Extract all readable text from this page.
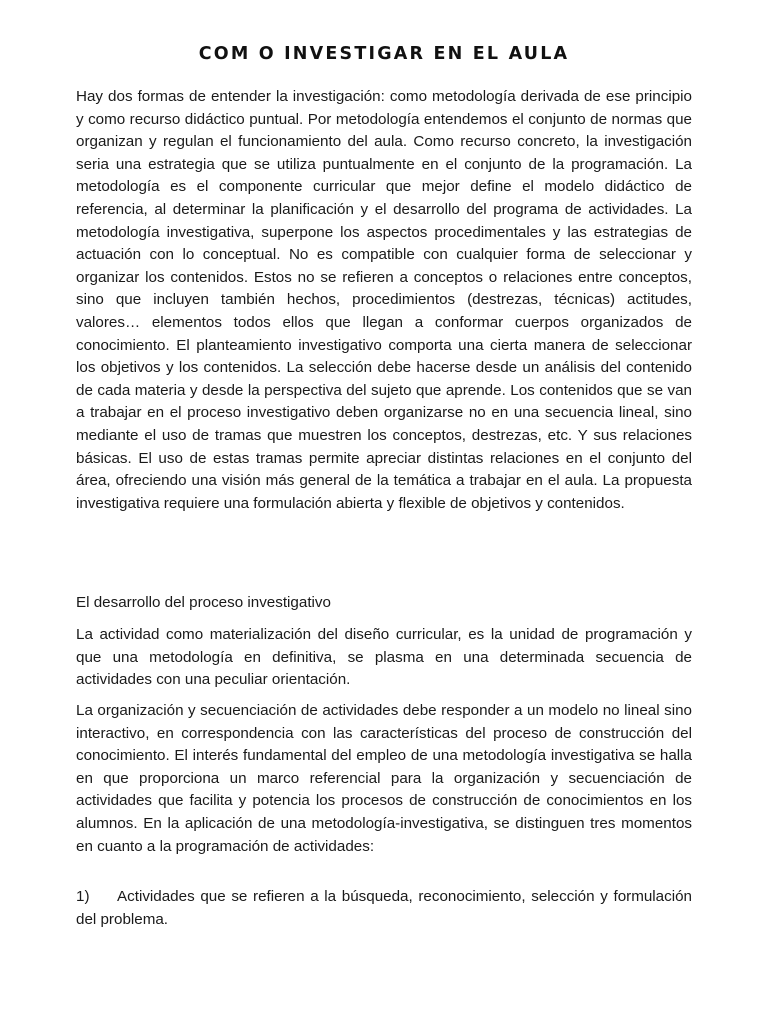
COM O INVESTIGAR EN EL AULA

Hay dos formas de entender la investigación: como metodología derivada de ese principio y como recurso didáctico puntual. Por metodología entendemos el conjunto de normas que organizan y regulan el funcionamiento del aula. Como recurso concreto, la investigación seria una estrategia que se utiliza puntualmente en el conjunto de la programación. La metodología es el componente curricular que mejor define el modelo didáctico de referencia, al determinar la planificación y el desarrollo del programa de actividades. La metodología investigativa, superpone los aspectos procedimentales y las estrategias de actuación con lo conceptual. No es compatible con cualquier forma de seleccionar y organizar los contenidos. Estos no se refieren a conceptos o relaciones entre conceptos, sino que incluyen también hechos, procedimientos (destrezas, técnicas) actitudes, valores… elementos todos ellos que llegan a conformar cuerpos organizados de conocimiento. El planteamiento investigativo comporta una cierta manera de seleccionar los objetivos y los contenidos. La selección debe hacerse desde un análisis del contenido de cada materia y desde la perspectiva del sujeto que aprende. Los contenidos que se van a trabajar en el proceso investigativo deben organizarse no en una secuencia lineal, sino mediante el uso de tramas que muestren los conceptos, destrezas, etc. Y sus relaciones básicas. El uso de estas tramas permite apreciar distintas relaciones en el conjunto del área, ofreciendo una visión más general de la temática a trabajar en el aula. La propuesta investigativa requiere una formulación abierta y flexible de objetivos y contenidos.

El desarrollo del proceso investigativo

La actividad como materialización del diseño curricular, es la unidad de programación y que una metodología en definitiva, se plasma en una determinada secuencia de actividades con una peculiar orientación.

La organización y secuenciación de actividades debe responder a un modelo no lineal sino interactivo, en correspondencia con las características del proceso de construcción del conocimiento. El interés fundamental del empleo de una metodología investigativa se halla en que proporciona un marco referencial para la organización y secuenciación de actividades que facilita y potencia los procesos de construcción de conocimientos en los alumnos. En la aplicación de una metodología-investigativa, se distinguen tres momentos en cuanto a la programación de actividades:

1) Actividades que se refieren a la búsqueda, reconocimiento, selección y formulación del problema.
